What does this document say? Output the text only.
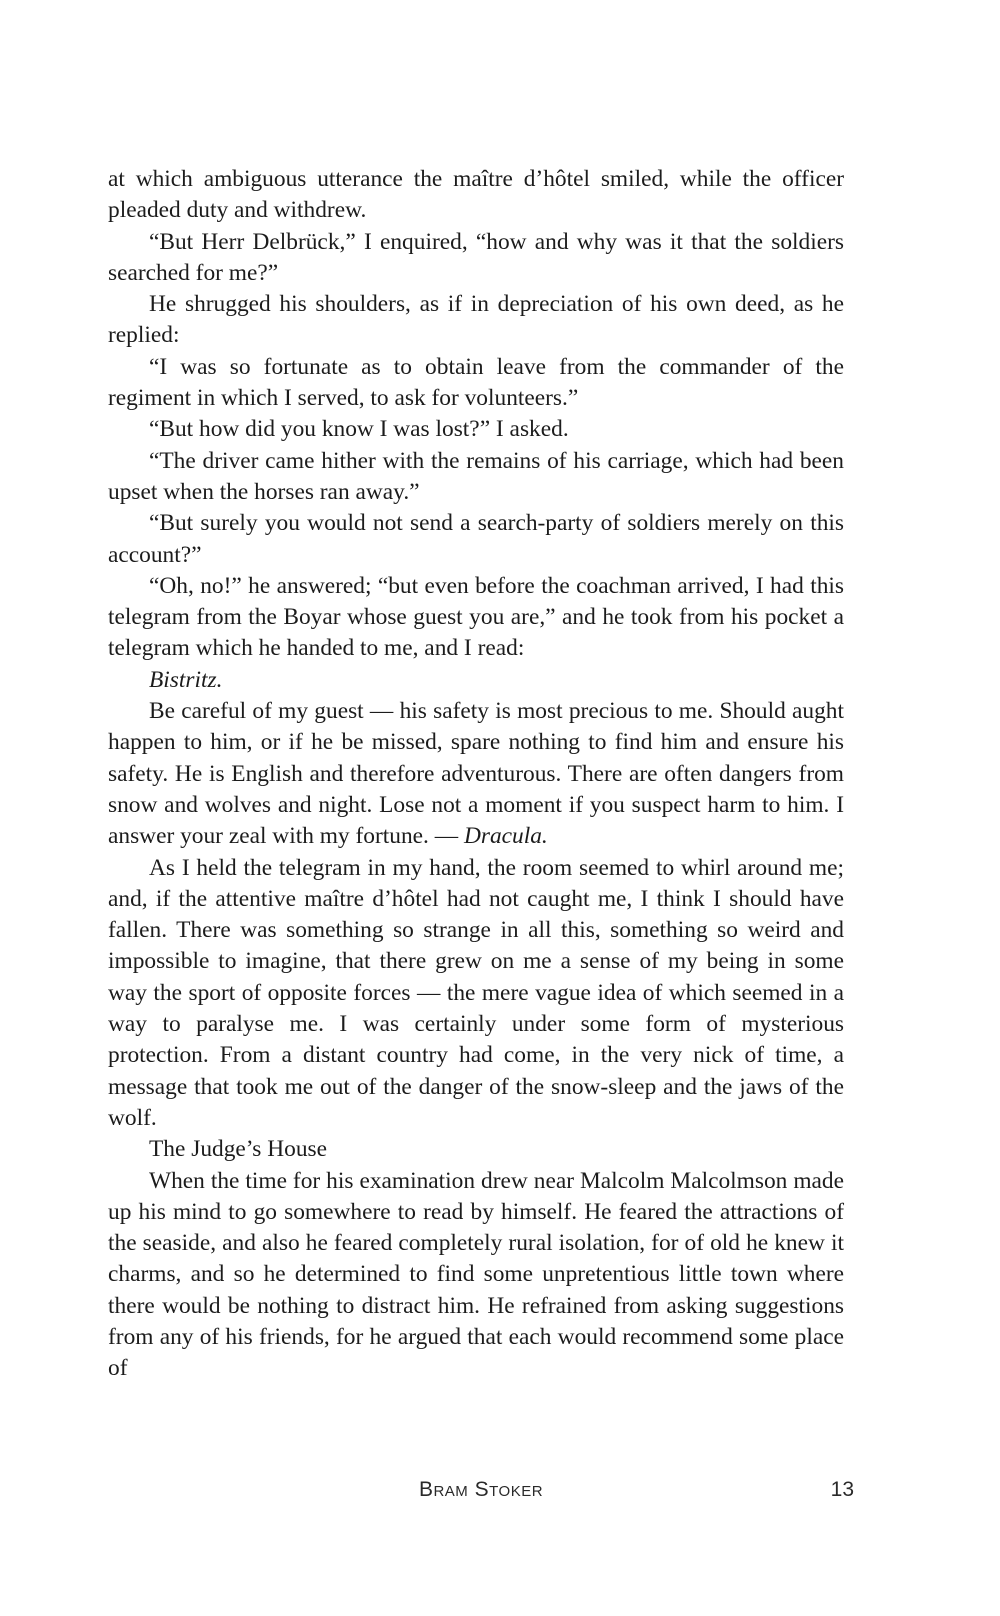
at which ambiguous utterance the maître d’hôtel smiled, while the officer pleaded duty and withdrew.

“But Herr Delbrück,” I enquired, “how and why was it that the soldiers searched for me?”

He shrugged his shoulders, as if in depreciation of his own deed, as he replied:

“I was so fortunate as to obtain leave from the commander of the regiment in which I served, to ask for volunteers.”

“But how did you know I was lost?” I asked.

“The driver came hither with the remains of his carriage, which had been upset when the horses ran away.”

“But surely you would not send a search-party of soldiers merely on this account?”

“Oh, no!” he answered; “but even before the coachman arrived, I had this telegram from the Boyar whose guest you are,” and he took from his pocket a telegram which he handed to me, and I read:

Bistritz.

Be careful of my guest — his safety is most precious to me. Should aught happen to him, or if he be missed, spare nothing to find him and ensure his safety. He is English and therefore adventurous. There are often dangers from snow and wolves and night. Lose not a moment if you suspect harm to him. I answer your zeal with my fortune. — Dracula.

As I held the telegram in my hand, the room seemed to whirl around me; and, if the attentive maître d’hôtel had not caught me, I think I should have fallen. There was something so strange in all this, something so weird and impossible to imagine, that there grew on me a sense of my being in some way the sport of opposite forces — the mere vague idea of which seemed in a way to paralyse me. I was certainly under some form of mysterious protection. From a distant country had come, in the very nick of time, a message that took me out of the danger of the snow-sleep and the jaws of the wolf.

The Judge’s House

When the time for his examination drew near Malcolm Malcolmson made up his mind to go somewhere to read by himself. He feared the attractions of the seaside, and also he feared completely rural isolation, for of old he knew it charms, and so he determined to find some unpretentious little town where there would be nothing to distract him. He refrained from asking suggestions from any of his friends, for he argued that each would recommend some place of

Bram Stoker	13
